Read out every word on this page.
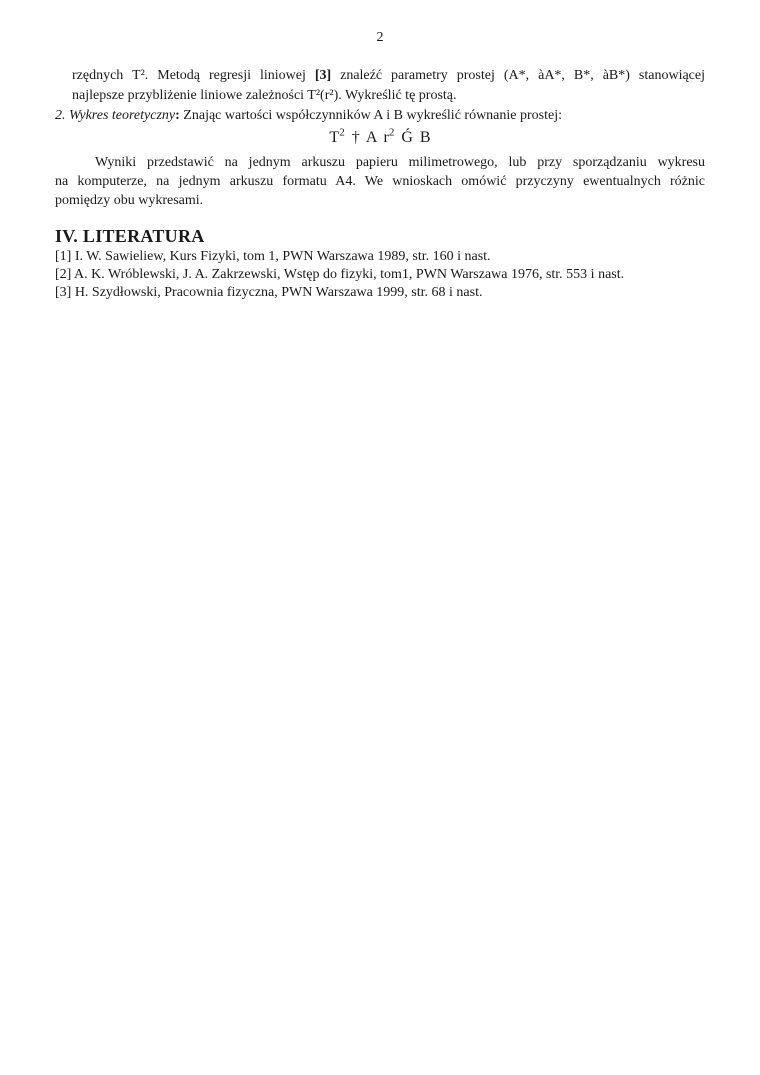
2
rzędnych T². Metodą regresji liniowej [3] znaleźć parametry prostej (A*, àA*, B*, àB*) stanowiącej
najlepsze przybliżenie liniowe zależności T²(r²). Wykreślić tę prostą.
2. Wykres teoretyczny: Znając wartości współczynników A i B wykreślić równanie prostej:
$T^2$ † A $r^2$ Ǵ B
Wyniki przedstawić na jednym arkuszu papieru milimetrowego, lub przy sporządzaniu wykresu
na komputerze, na jednym arkuszu formatu A4. We wnioskach omówić przyczyny ewentualnych różnic
pomiędzy obu wykresami.
IV. LITERATURA
[1] I. W. Sawieliew, Kurs Fizyki, tom 1, PWN Warszawa 1989, str. 160 i nast.
[2] A. K. Wróblewski, J. A. Zakrzewski, Wstęp do fizyki, tom1, PWN Warszawa 1976, str. 553 i nast.
[3] H. Szydłowski, Pracownia fizyczna, PWN Warszawa 1999, str. 68 i nast.
